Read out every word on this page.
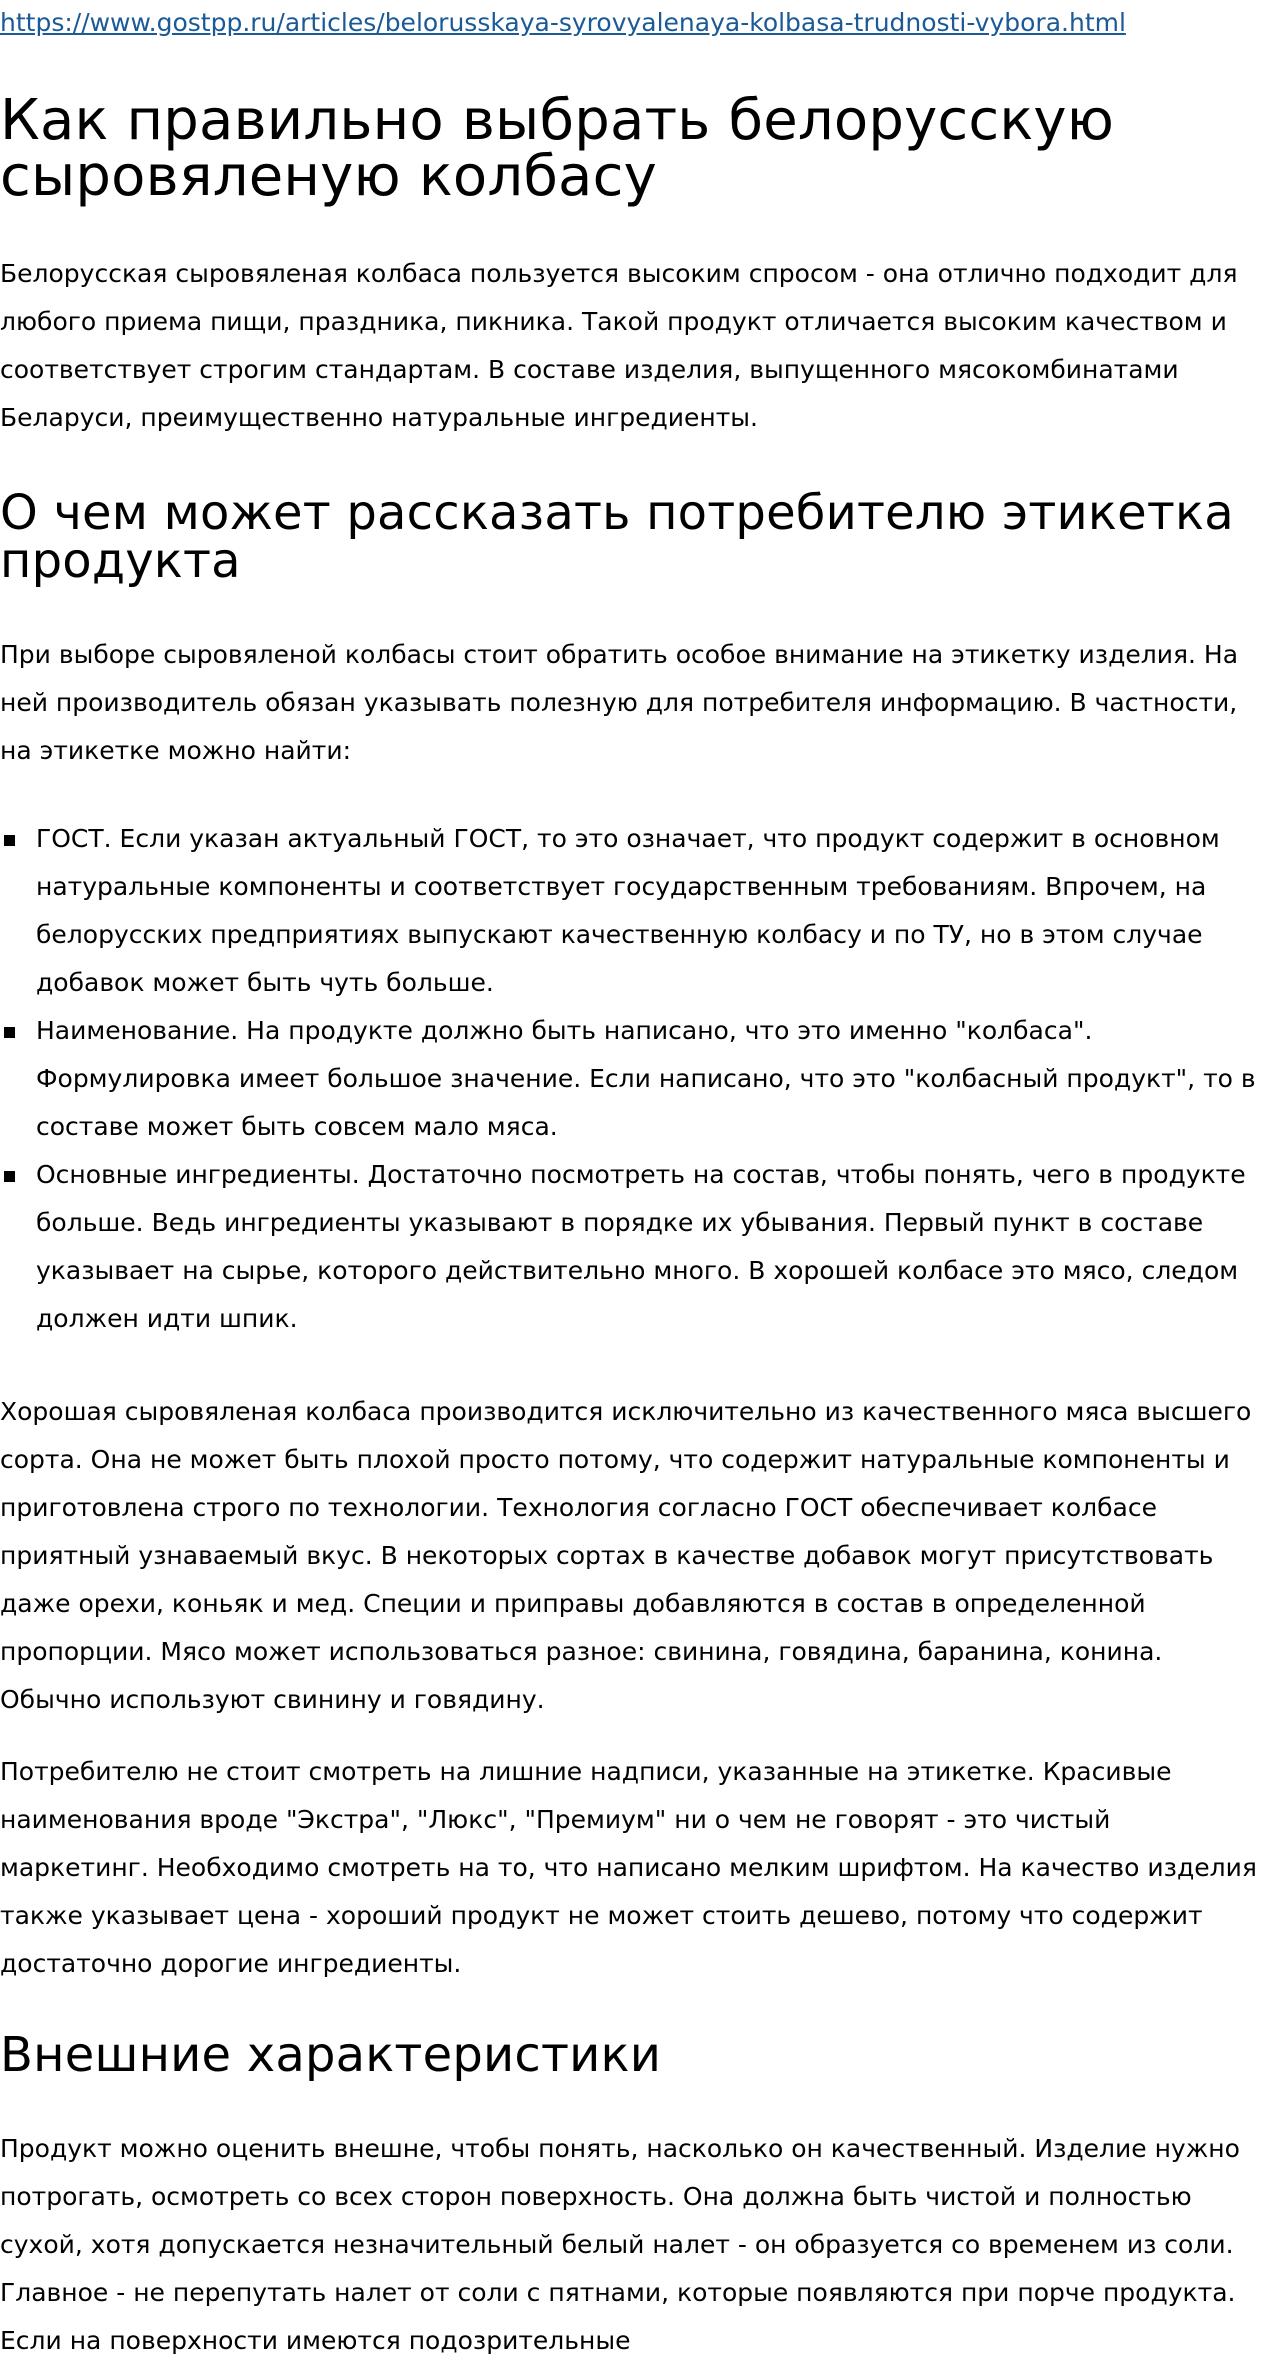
https://www.gostpp.ru/articles/belorusskaya-syrovyalenaya-kolbasa-trudnosti-vybora.html
Как правильно выбрать белорусскую сыровяленую колбасу

Белорусская сыровяленая колбаса пользуется высоким спросом - она отлично подходит для любого приема пищи, праздника, пикника. Такой продукт отличается высоким качеством и соответствует строгим стандартам. В составе изделия, выпущенного мясокомбинатами Беларуси, преимущественно натуральные ингредиенты.

О чем может рассказать потребителю этикетка продукта

При выборе сыровяленой колбасы стоит обратить особое внимание на этикетку изделия. На ней производитель обязан указывать полезную для потребителя информацию. В частности, на этикетке можно найти:

ГОСТ. Если указан актуальный ГОСТ, то это означает, что продукт содержит в основном натуральные компоненты и соответствует государственным требованиям. Впрочем, на белорусских предприятиях выпускают качественную колбасу и по ТУ, но в этом случае добавок может быть чуть больше.
Наименование. На продукте должно быть написано, что это именно "колбаса". Формулировка имеет большое значение. Если написано, что это "колбасный продукт", то в составе может быть совсем мало мяса.
Основные ингредиенты. Достаточно посмотреть на состав, чтобы понять, чего в продукте больше. Ведь ингредиенты указывают в порядке их убывания. Первый пункт в составе указывает на сырье, которого действительно много. В хорошей колбасе это мясо, следом должен идти шпик.

Хорошая сыровяленая колбаса производится исключительно из качественного мяса высшего сорта. Она не может быть плохой просто потому, что содержит натуральные компоненты и приготовлена строго по технологии. Технология согласно ГОСТ обеспечивает колбасе приятный узнаваемый вкус. В некоторых сортах в качестве добавок могут присутствовать даже орехи, коньяк и мед. Специи и приправы добавляются в состав в определенной пропорции. Мясо может использоваться разное: свинина, говядина, баранина, конина. Обычно используют свинину и говядину.

Потребителю не стоит смотреть на лишние надписи, указанные на этикетке. Красивые наименования вроде "Экстра", "Люкс", "Премиум" ни о чем не говорят - это чистый маркетинг. Необходимо смотреть на то, что написано мелким шрифтом. На качество изделия также указывает цена - хороший продукт не может стоить дешево, потому что содержит достаточно дорогие ингредиенты.

Внешние характеристики

Продукт можно оценить внешне, чтобы понять, насколько он качественный. Изделие нужно потрогать, осмотреть со всех сторон поверхность. Она должна быть чистой и полностью сухой, хотя допускается незначительный белый налет - он образуется со временем из соли. Главное - не перепутать налет от соли с пятнами, которые появляются при порче продукта. Если на поверхности имеются подозрительные
